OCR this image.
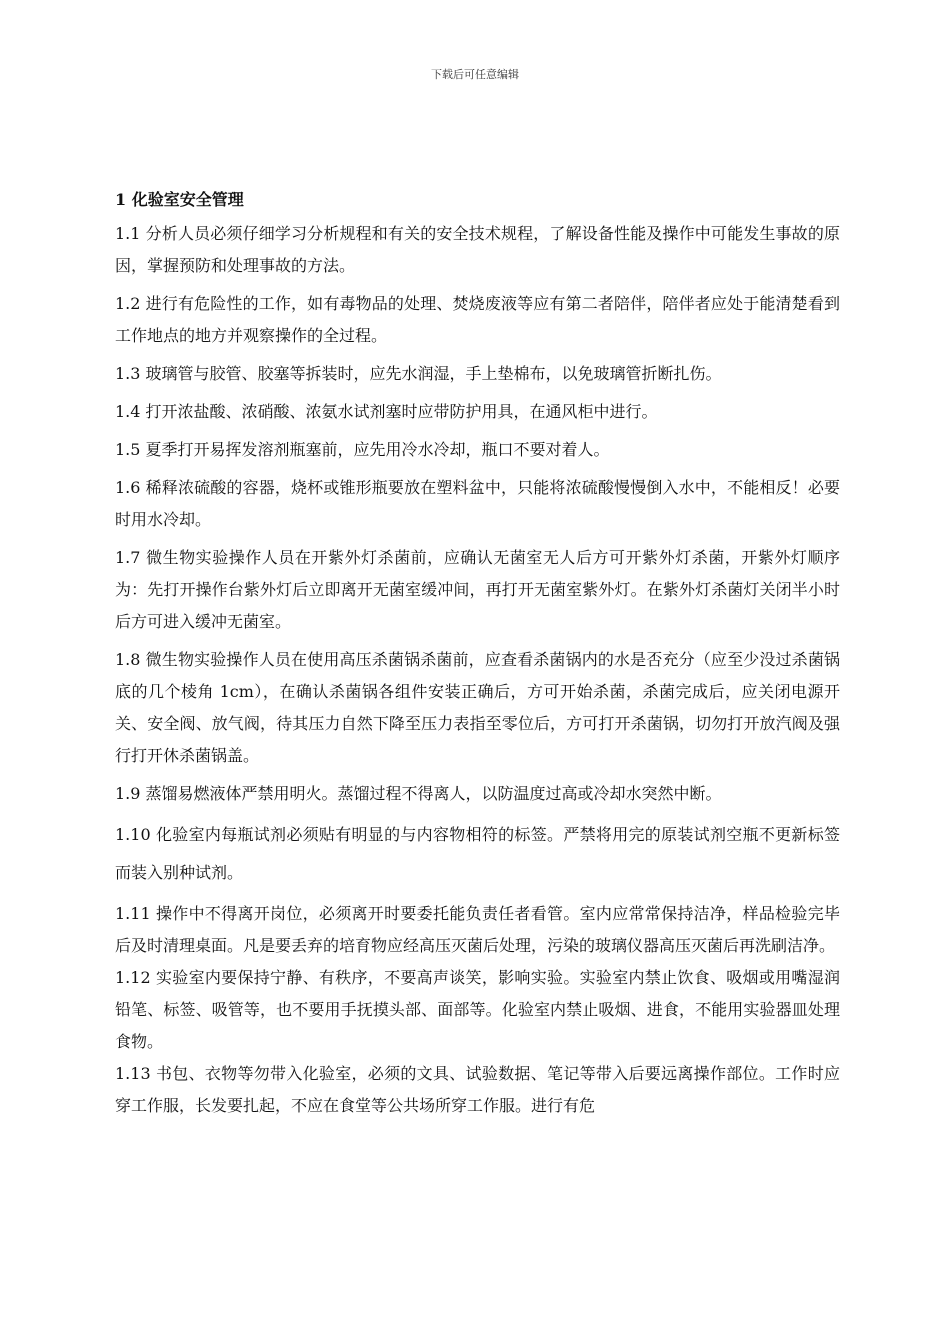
下载后可任意编辑
1 化验室安全管理

1.1 分析人员必须仔细学习分析规程和有关的安全技术规程，了解设备性能及操作中可能发生事故的原因，掌握预防和处理事故的方法。

1.2 进行有危险性的工作，如有毒物品的处理、焚烧废液等应有第二者陪伴，陪伴者应处于能清楚看到工作地点的地方并观察操作的全过程。

1.3 玻璃管与胶管、胶塞等拆装时，应先水润湿，手上垫棉布，以免玻璃管折断扎伤。

1.4 打开浓盐酸、浓硝酸、浓氨水试剂塞时应带防护用具，在通风柜中进行。

1.5 夏季打开易挥发溶剂瓶塞前，应先用冷水冷却，瓶口不要对着人。

1.6 稀释浓硫酸的容器，烧杯或锥形瓶要放在塑料盆中，只能将浓硫酸慢慢倒入水中，不能相反！必要时用水冷却。

1.7 微生物实验操作人员在开紫外灯杀菌前，应确认无菌室无人后方可开紫外灯杀菌，开紫外灯顺序为：先打开操作台紫外灯后立即离开无菌室缓冲间，再打开无菌室紫外灯。在紫外灯杀菌灯关闭半小时后方可进入缓冲无菌室。

1.8 微生物实验操作人员在使用高压杀菌锅杀菌前，应查看杀菌锅内的水是否充分（应至少没过杀菌锅底的几个棱角 1cm），在确认杀菌锅各组件安装正确后，方可开始杀菌，杀菌完成后，应关闭电源开关、安全阀、放气阀，待其压力自然下降至压力表指至零位后，方可打开杀菌锅，切勿打开放汽阀及强行打开休杀菌锅盖。

1.9 蒸馏易燃液体严禁用明火。蒸馏过程不得离人，以防温度过高或冷却水突然中断。

1.10 化验室内每瓶试剂必须贴有明显的与内容物相符的标签。严禁将用完的原装试剂空瓶不更新标签而装入别种试剂。

1.11 操作中不得离开岗位，必须离开时要委托能负责任者看管。室内应常常保持洁净，样品检验完毕后及时清理桌面。凡是要丢弃的培育物应经高压灭菌后处理，污染的玻璃仪器高压灭菌后再洗刷洁净。

1.12 实验室内要保持宁静、有秩序，不要高声谈笑，影响实验。实验室内禁止饮食、吸烟或用嘴湿润铅笔、标签、吸管等，也不要用手抚摸头部、面部等。化验室内禁止吸烟、进食，不能用实验器皿处理食物。

1.13 书包、衣物等勿带入化验室，必须的文具、试验数据、笔记等带入后要远离操作部位。工作时应穿工作服，长发要扎起，不应在食堂等公共场所穿工作服。进行有危
